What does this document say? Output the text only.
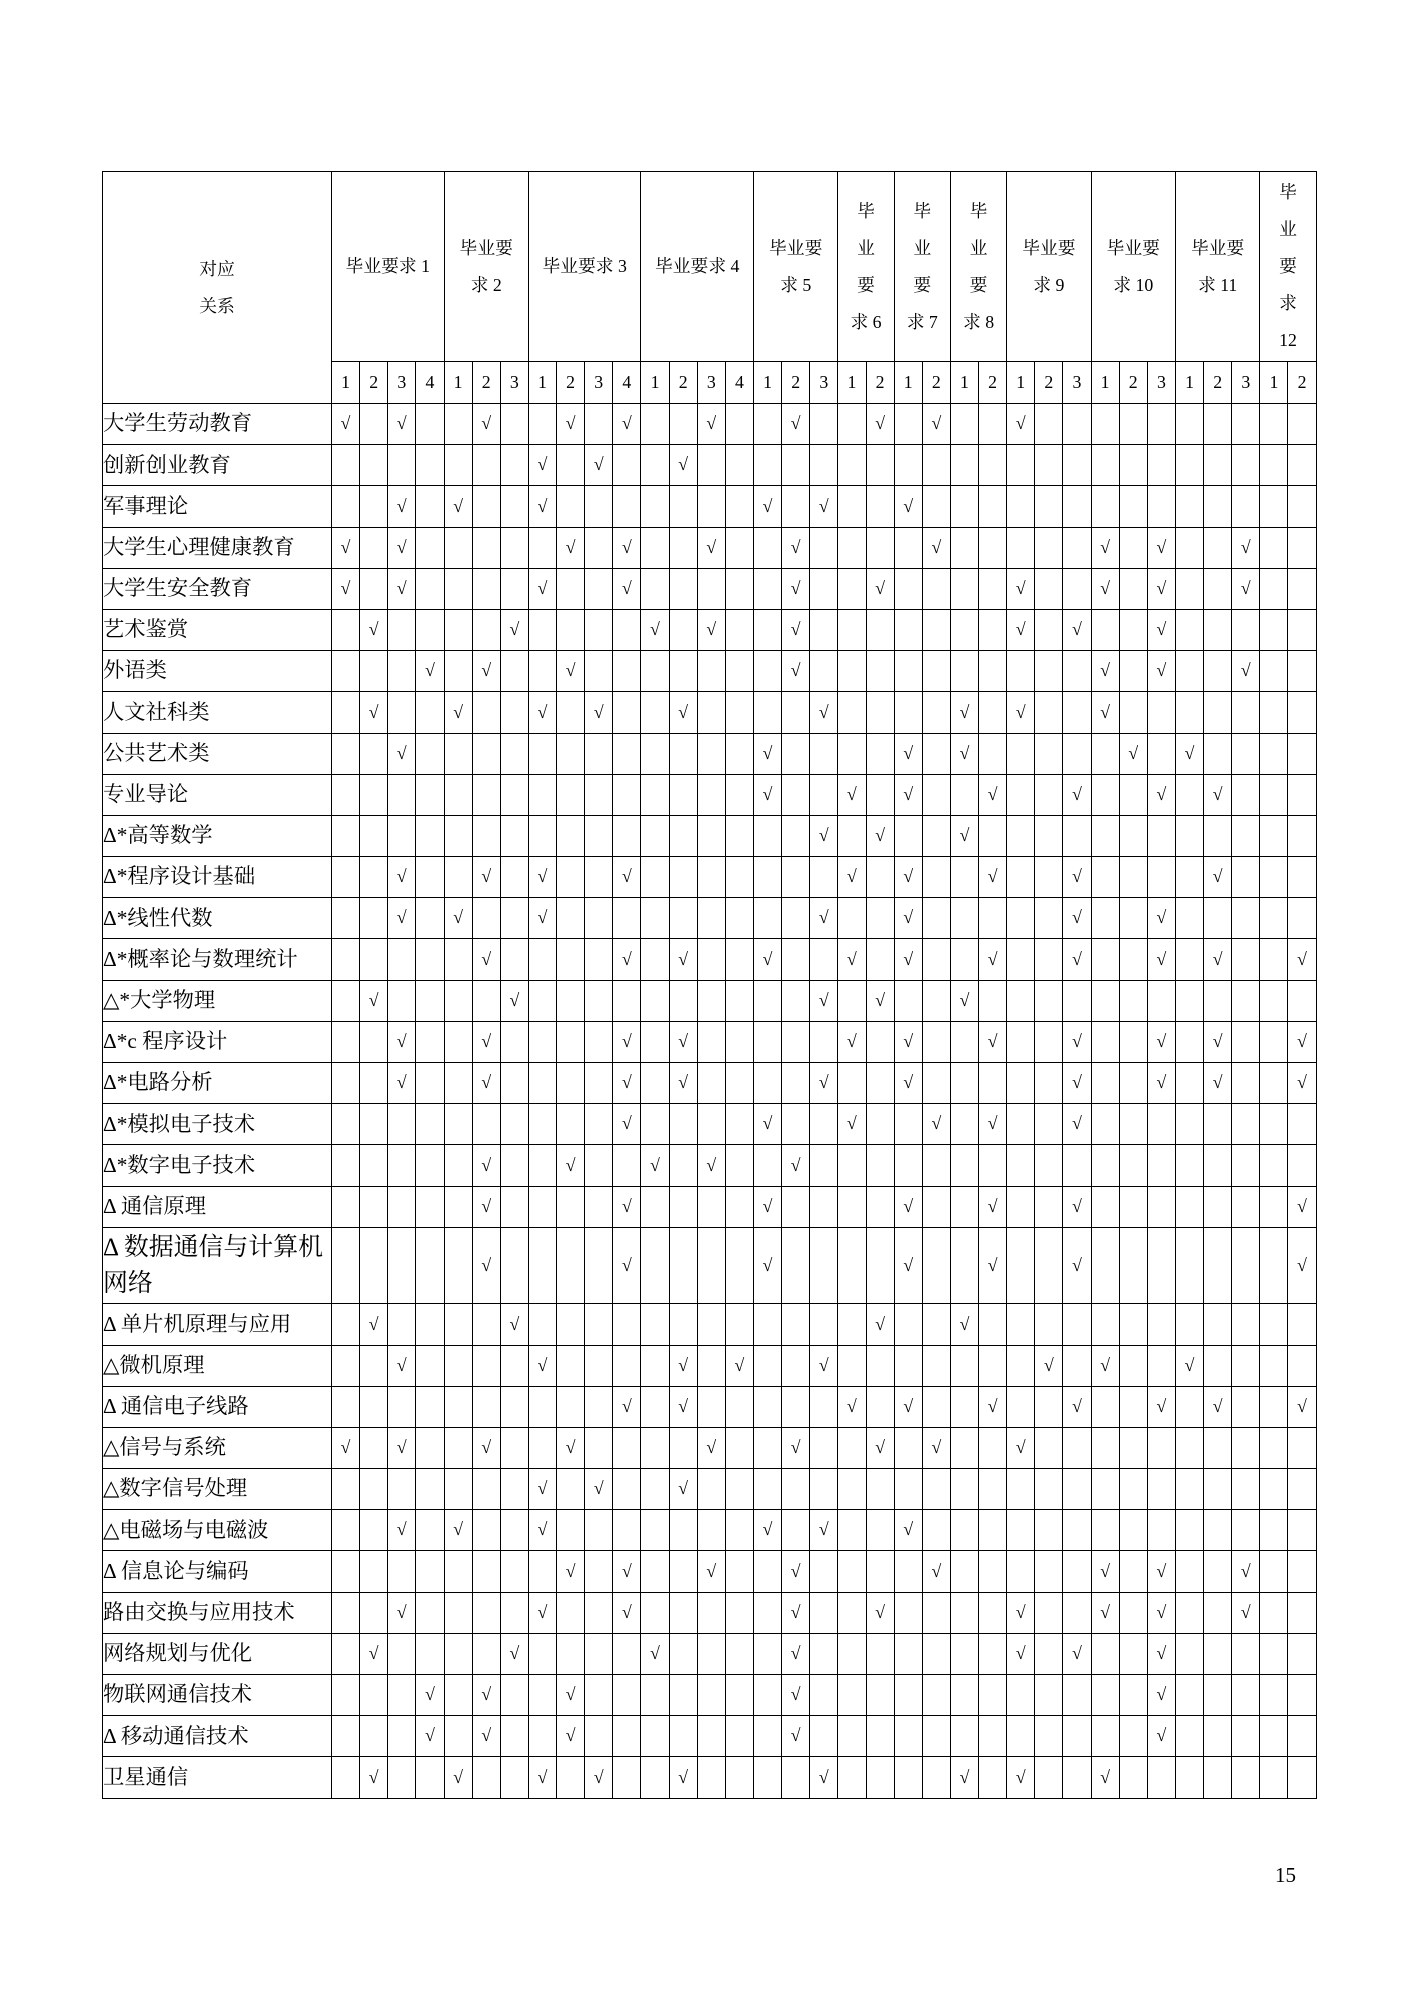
对应关系	毕业要求 1				毕业要求 2			毕业要求 3				毕业要求 4				毕业要求 5			毕业要求 6		毕业要求 7		毕业要求 8		毕业要求 9			毕业要求 10			毕业要求 11			毕业要求 12	
	1	2	3	4	1	2	3	1	2	3	4	1	2	3	4	1	2	3	1	2	1	2	1	2	1	2	3	1	2	3	1	2	3	1	2
大学生劳动教育	√		√			√			√		√			√			√			√		√			√										
创新创业教育								√		√			√																						
军事理论			√		√			√								√		√			√														
大学生心理健康教育	√		√						√		√			√			√					√						√		√			√		
大学生安全教育	√		√					√			√						√			√					√			√		√			√		
艺术鉴赏		√					√					√		√			√								√		√			√					
外语类				√		√			√								√											√		√			√		
人文社科类		√			√			√		√			√					√					√		√			√							
公共艺术类			√													√					√		√						√		√				
专业导论																√			√		√			√			√			√		√			
Δ*高等数学																		√		√			√												
Δ*程序设计基础			√			√		√			√								√		√			√			√					√			
Δ*线性代数			√		√			√										√			√						√			√					
Δ*概率论与数理统计						√					√		√			√			√		√			√			√			√		√			√
△*大学物理		√					√											√		√			√												
Δ*c 程序设计			√			√					√		√						√		√			√			√			√		√			√
Δ*电路分析			√			√					√		√					√			√						√			√		√			√
Δ*模拟电子技术											√					√			√			√		√			√								
Δ*数字电子技术						√			√			√		√			√																		
Δ 通信原理						√					√					√					√			√			√								√
Δ 数据通信与计算机网络						√					√					√					√			√			√								√
Δ 单片机原理与应用		√					√													√			√												
△微机原理			√					√					√		√			√								√		√			√				
Δ 通信电子线路											√		√						√		√			√			√			√		√			√
△信号与系统	√		√			√			√					√			√			√		√			√										
△数字信号处理								√		√			√																						
△电磁场与电磁波			√		√			√								√		√			√														
Δ 信息论与编码									√		√			√			√					√						√		√			√		
路由交换与应用技术			√					√			√						√			√					√			√		√			√		
网络规划与优化		√					√					√					√								√		√			√					
物联网通信技术				√		√			√								√													√					
Δ 移动通信技术				√		√			√								√													√					
卫星通信		√			√			√		√			√					√					√		√			√							
15
